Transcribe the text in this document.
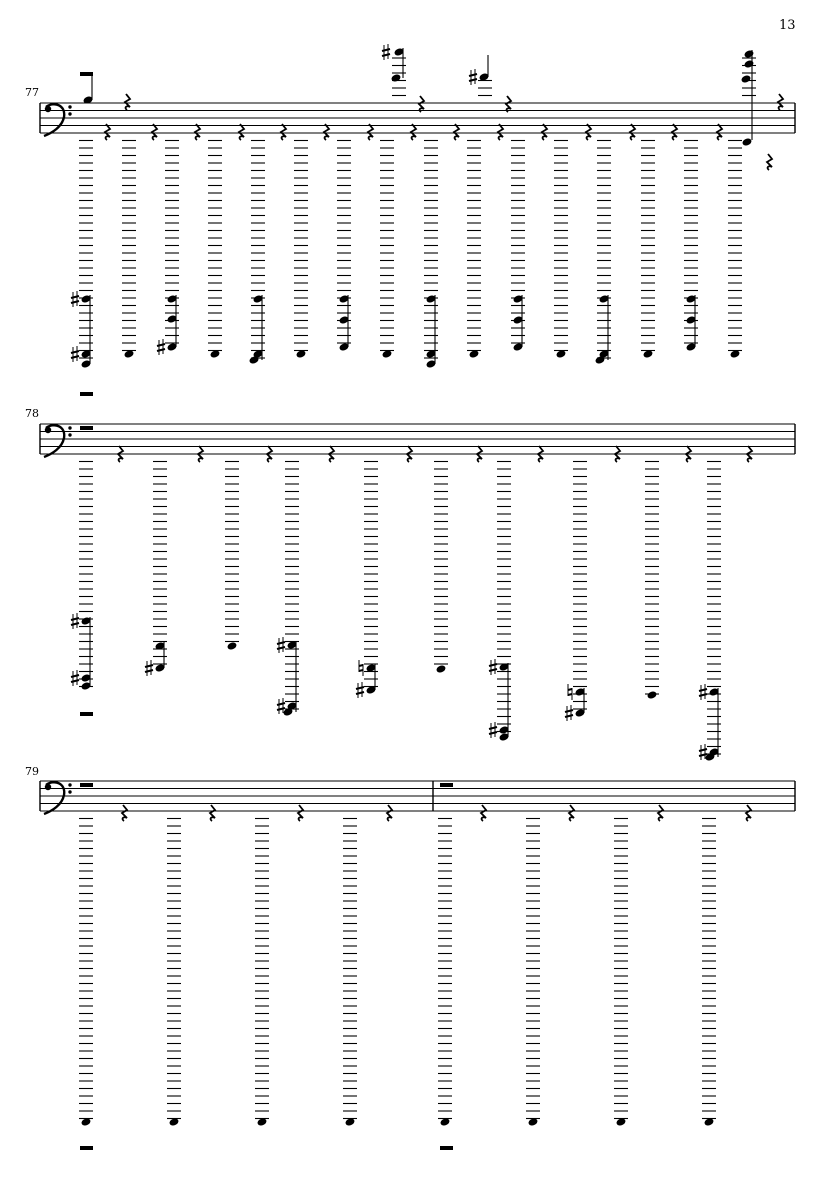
13
77
78
79
